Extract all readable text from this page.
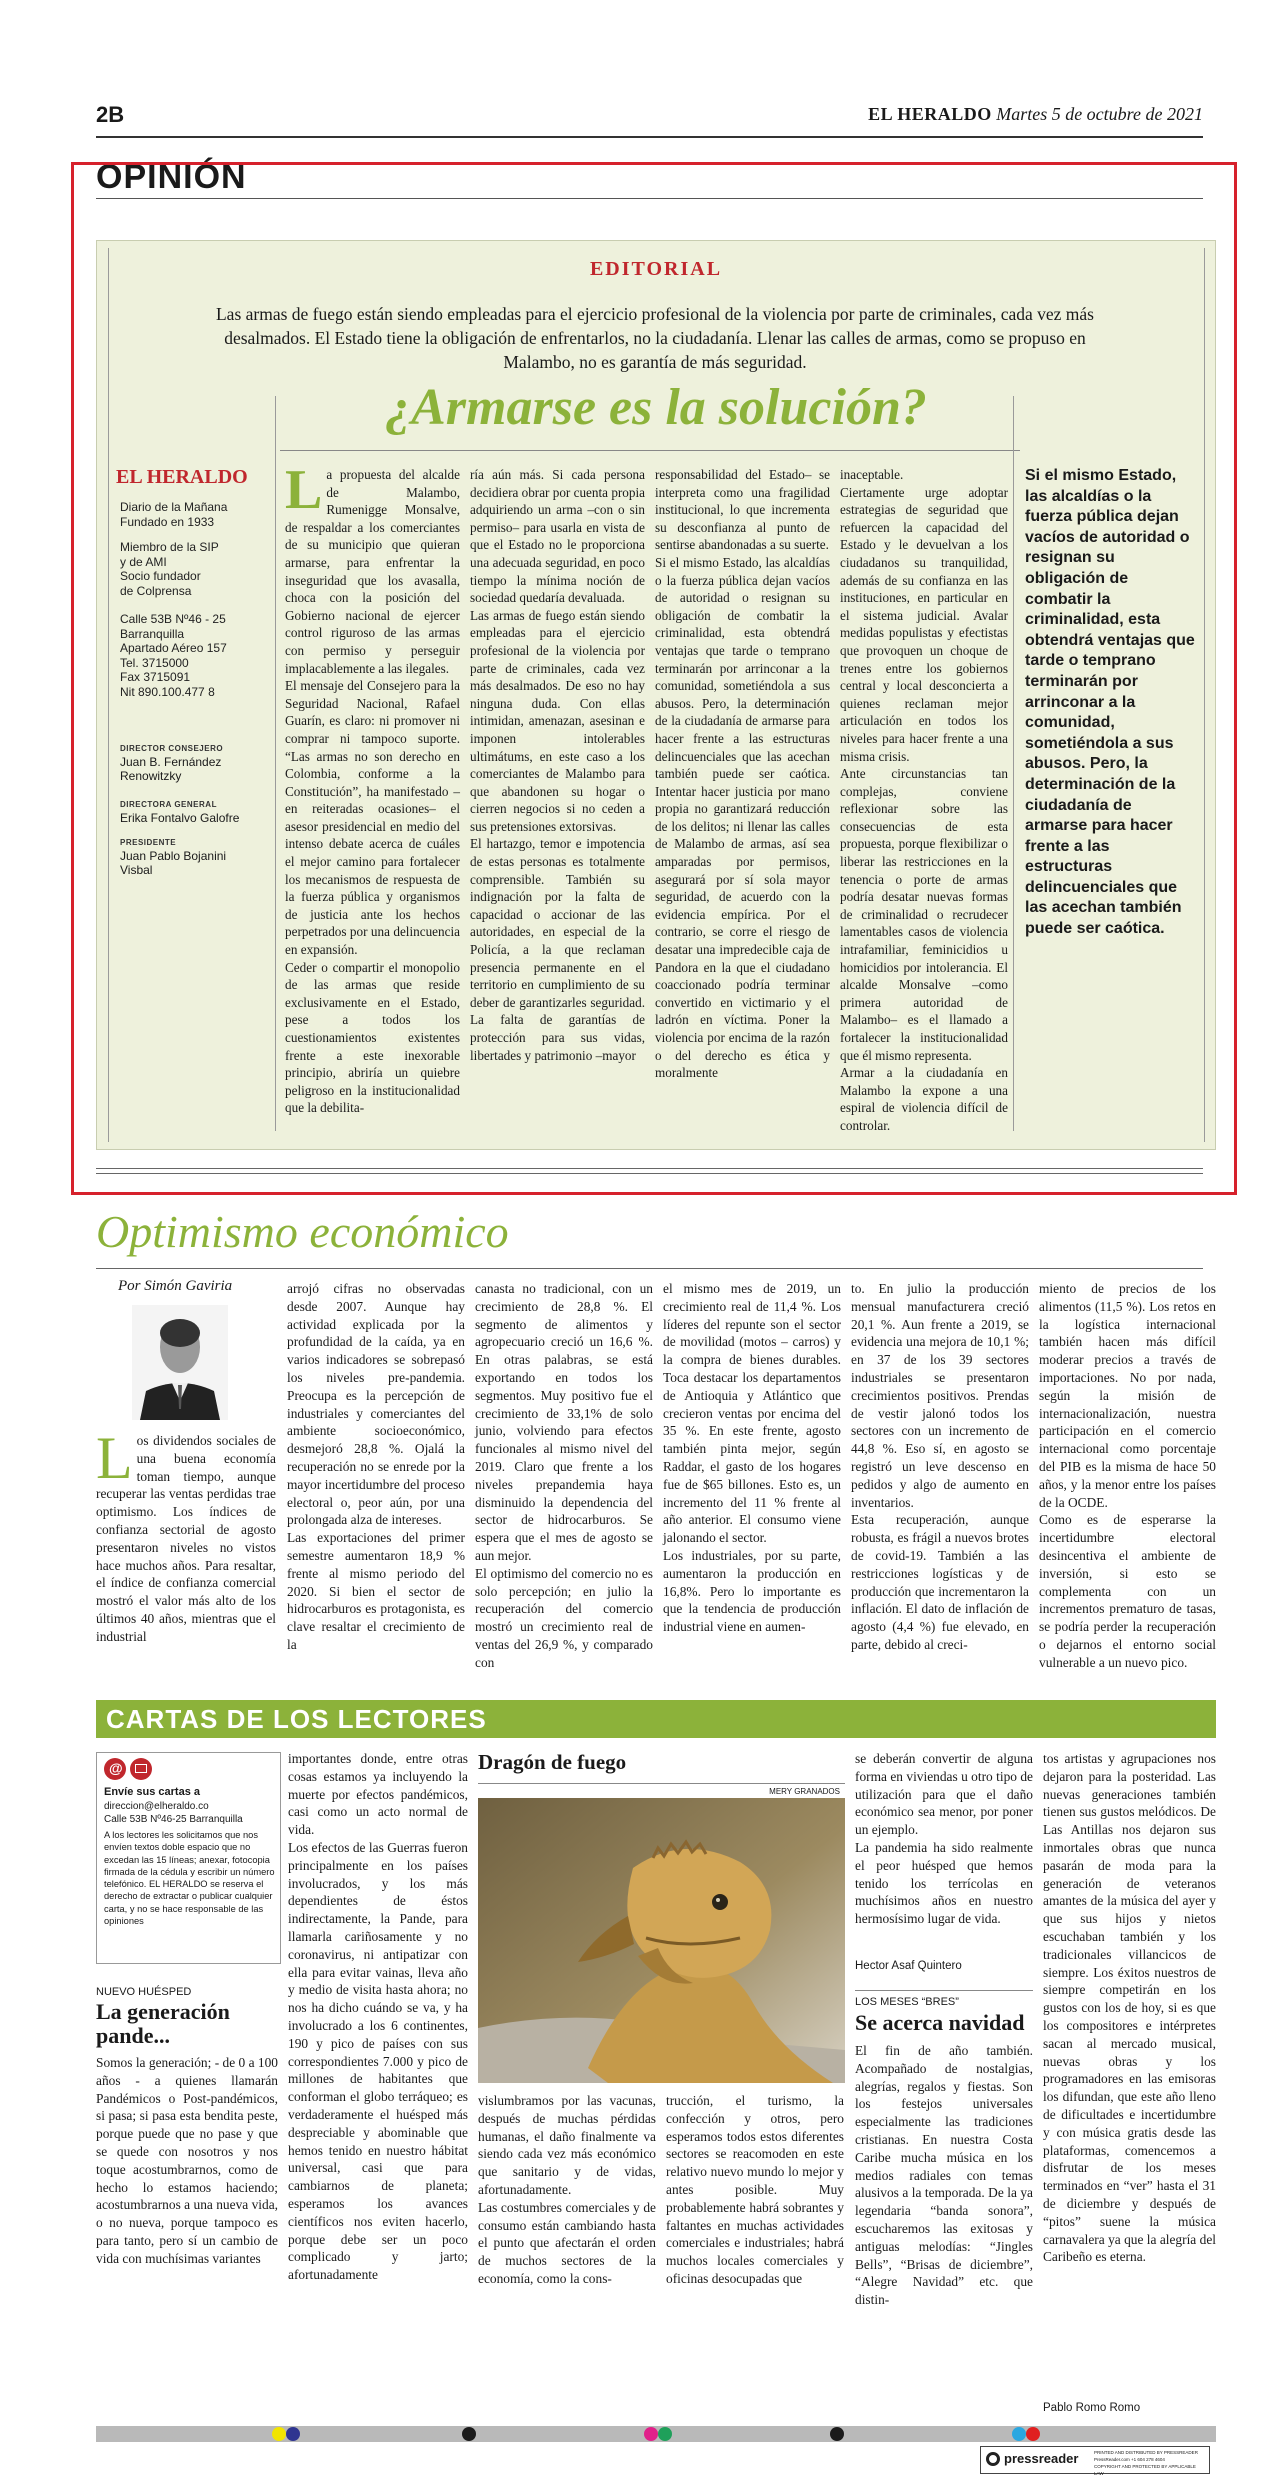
2B	EL HERALDO Martes 5 de octubre de 2021
OPINIÓN
EDITORIAL
Las armas de fuego están siendo empleadas para el ejercicio profesional de la violencia por parte de criminales, cada vez más desalmados. El Estado tiene la obligación de enfrentarlos, no la ciudadanía. Llenar las calles de armas, como se propuso en Malambo, no es garantía de más seguridad.
¿Armarse es la solución?
EL HERALDO
Diario de la Mañana
Fundado en 1933
Miembro de la SIP
y de AMI
Socio fundador
de Colprensa
Calle 53B Nº46 - 25
Barranquilla
Apartado Aéreo 157
Tel. 3715000
Fax 3715091
Nit 890.100.477 8
DIRECTOR CONSEJERO
Juan B. Fernández
Renowitzky
DIRECTORA GENERAL
Erika Fontalvo Galofre
PRESIDENTE
Juan Pablo Bojanini
Visbal
La propuesta del alcalde de Malambo, Rumenigge Monsalve, de respaldar a los comerciantes de su municipio que quieran armarse, para enfrentar la inseguridad que los avasalla, choca con la posición del Gobierno nacional de ejercer control riguroso de las armas con permiso y perseguir implacablemente a las ilegales.
El mensaje del Consejero para la Seguridad Nacional, Rafael Guarín, es claro: ni promover ni comprar ni tampoco suporte. “Las armas no son derecho en Colombia, conforme a la Constitución”, ha manifestado –en reiteradas ocasiones– el asesor presidencial en medio del intenso debate acerca de cuáles el mejor camino para fortalecer los mecanismos de respuesta de la fuerza pública y organismos de justicia ante los hechos perpetrados por una delincuencia en expansión.
Ceder o compartir el monopolio de las armas que reside exclusivamente en el Estado, pese a todos los cuestionamientos existentes frente a este inexorable principio, abriría un quiebre peligroso en la institucionalidad que la debilita-
ría aún más. Si cada persona decidiera obrar por cuenta propia adquiriendo un arma –con o sin permiso– para usarla en vista de que el Estado no le proporciona una adecuada seguridad, en poco tiempo la mínima noción de sociedad quedaría devaluada.
Las armas de fuego están siendo empleadas para el ejercicio profesional de la violencia por parte de criminales, cada vez más desalmados. De eso no hay ninguna duda. Con ellas intimidan, amenazan, asesinan e imponen intolerables ultimátums, en este caso a los comerciantes de Malambo para que abandonen su hogar o cierren negocios si no ceden a sus pretensiones extorsivas.
El hartazgo, temor e impotencia de estas personas es totalmente comprensible. También su indignación por la falta de capacidad o accionar de las autoridades, en especial de la Policía, a la que reclaman presencia permanente en el territorio en cumplimiento de su deber de garantizarles seguridad. La falta de garantías de protección para sus vidas, libertades y patrimonio –mayor
responsabilidad del Estado– se interpreta como una fragilidad institucional, lo que incrementa su desconfianza al punto de sentirse abandonadas a su suerte.
Si el mismo Estado, las alcaldías o la fuerza pública dejan vacíos de autoridad o resignan su obligación de combatir la criminalidad, esta obtendrá ventajas que tarde o temprano terminarán por arrinconar a la comunidad, sometiéndola a sus abusos. Pero, la determinación de la ciudadanía de armarse para hacer frente a las estructuras delincuenciales que las acechan también puede ser caótica. Intentar hacer justicia por mano propia no garantizará reducción de los delitos; ni llenar las calles de Malambo de armas, así sea amparadas por permisos, asegurará por sí sola mayor seguridad, de acuerdo con la evidencia empírica. Por el contrario, se corre el riesgo de desatar una impredecible caja de Pandora en la que el ciudadano coaccionado podría terminar convertido en victimario y el ladrón en víctima. Poner la violencia por encima de la razón o del derecho es ética y moralmente
inaceptable.
Ciertamente urge adoptar estrategias de seguridad que refuercen la capacidad del Estado y le devuelvan a los ciudadanos su tranquilidad, además de su confianza en las instituciones, en particular en el sistema judicial. Avalar medidas populistas y efectistas que provoquen un choque de trenes entre los gobiernos central y local desconcierta a quienes reclaman mejor articulación en todos los niveles para hacer frente a una misma crisis.
Ante circunstancias tan complejas, conviene reflexionar sobre las consecuencias de esta propuesta, porque flexibilizar o liberar las restricciones en la tenencia o porte de armas podría desatar nuevas formas de criminalidad o recrudecer lamentables casos de violencia intrafamiliar, feminicidios u homicidios por intolerancia. El alcalde Monsalve –como primera autoridad de Malambo– es el llamado a fortalecer la institucionalidad que él mismo representa.
Armar a la ciudadanía en Malambo la expone a una espiral de violencia difícil de controlar.
Si el mismo Estado, las alcaldías o la fuerza pública dejan vacíos de autoridad o resignan su obligación de combatir la criminalidad, esta obtendrá ventajas que tarde o temprano terminarán por arrinconar a la comunidad, sometiéndola a sus abusos. Pero, la determinación de la ciudadanía de armarse para hacer frente a las estructuras delincuenciales que las acechan también puede ser caótica.
Optimismo económico
Por Simón Gaviria
Los dividendos sociales de una buena economía toman tiempo, aunque recuperar las ventas perdidas trae optimismo. Los índices de confianza sectorial de agosto presentaron niveles no vistos hace muchos años. Para resaltar, el índice de confianza comercial mostró el valor más alto de los últimos 40 años, mientras que el industrial
arrojó cifras no observadas desde 2007. Aunque hay actividad explicada por la profundidad de la caída, ya en varios indicadores se sobrepasó los niveles pre-pandemia. Preocupa es la percepción de industriales y comerciantes del ambiente socioeconómico, desmejoró 28,8 %. Ojalá la recuperación no se enrede por la mayor incertidumbre del proceso electoral o, peor aún, por una prolongada alza de intereses.
Las exportaciones del primer semestre aumentaron 18,9 % frente al mismo periodo del 2020. Si bien el sector de hidrocarburos es protagonista, es clave resaltar el crecimiento de la
canasta no tradicional, con un crecimiento de 28,8 %. El segmento de alimentos y agropecuario creció un 16,6 %. En otras palabras, se está exportando en todos los segmentos. Muy positivo fue el crecimiento de 33,1% de solo junio, volviendo para efectos funcionales al mismo nivel del 2019. Claro que frente a los niveles prepandemia haya disminuido la dependencia del sector de hidrocarburos. Se espera que el mes de agosto se aun mejor.
El optimismo del comercio no es solo percepción; en julio la recuperación del comercio mostró un crecimiento real de ventas del 26,9 %, y comparado con
el mismo mes de 2019, un crecimiento real de 11,4 %. Los líderes del repunte son el sector de movilidad (motos – carros) y la compra de bienes durables. Toca destacar los departamentos de Antioquia y Atlántico que crecieron ventas por encima del 35 %. En este frente, agosto también pinta mejor, según Raddar, el gasto de los hogares fue de $65 billones. Esto es, un incremento del 11 % frente al año anterior. El consumo viene jalonando el sector.
Los industriales, por su parte, aumentaron la producción en 16,8%. Pero lo importante es que la tendencia de producción industrial viene en aumen-
to. En julio la producción mensual manufacturera creció 20,1 %. Aun frente a 2019, se evidencia una mejora de 10,1 %; en 37 de los 39 sectores industriales se presentaron crecimientos positivos. Prendas de vestir jalonó todos los sectores con un incremento de 44,8 %. Eso sí, en agosto se registró un leve descenso en pedidos y algo de aumento en inventarios.
Esta recuperación, aunque robusta, es frágil a nuevos brotes de covid-19. También a las restricciones logísticas y de producción que incrementaron la inflación. El dato de inflación de agosto (4,4 %) fue elevado, en parte, debido al creci-
miento de precios de los alimentos (11,5 %). Los retos en la logística internacional también hacen más difícil moderar precios a través de importaciones. No por nada, según la misión de internacionalización, nuestra participación en el comercio internacional como porcentaje del PIB es la misma de hace 50 años, y la menor entre los países de la OCDE.
Como es de esperarse la incertidumbre electoral desincentiva el ambiente de inversión, si esto se complementa con un incrementos prematuro de tasas, se podría perder la recuperación o dejarnos el entorno social vulnerable a un nuevo pico.
CARTAS DE LOS LECTORES
@
Envíe sus cartas a
direccion@elheraldo.co
Calle 53B Nº46-25 Barranquilla
A los lectores les solicitamos que nos envíen textos doble espacio que no excedan las 15 líneas; anexar, fotocopia firmada de la cédula y escribir un número telefónico. EL HERALDO se reserva el derecho de extractar o publicar cualquier carta, y no se hace responsable de las opiniones
NUEVO HUÉSPED
La generación pande...
Somos la generación; - de 0 a 100 años - a quienes llamarán Pandémicos o Post-pandémicos, si pasa; si pasa esta bendita peste, porque puede que no pase y que se quede con nosotros y nos toque acostumbrarnos, como de hecho lo estamos haciendo; acostumbrarnos a una nueva vida, o no nueva, porque tampoco es para tanto, pero sí un cambio de vida con muchísimas variantes
importantes donde, entre otras cosas estamos ya incluyendo la muerte por efectos pandémicos, casi como un acto normal de vida.
Los efectos de las Guerras fueron principalmente en los países involucrados, y los más dependientes de éstos indirectamente, la Pande, para llamarla cariñosamente y no coronavirus, ni antipatizar con ella para evitar vainas, lleva año y medio de visita hasta ahora; no nos ha dicho cuándo se va, y ha involucrado a los 6 continentes, 190 y pico de países con sus correspondientes 7.000 y pico de millones de habitantes que conforman el globo terráqueo; es verdaderamente el huésped más despreciable y abominable que hemos tenido en nuestro hábitat universal, casi que para cambiarnos de planeta; esperamos los avances científicos nos eviten hacerlo, porque debe ser un poco complicado y jarto; afortunadamente
Dragón de fuego
MERY GRANADOS
vislumbramos por las vacunas, después de muchas pérdidas humanas, el daño finalmente va siendo cada vez más económico que sanitario y de vidas, afortunadamente.
Las costumbres comerciales y de consumo están cambiando hasta el punto que afectarán el orden de muchos sectores de la economía, como la cons-
trucción, el turismo, la confección y otros, pero esperamos todos estos diferentes sectores se reacomoden en este relativo nuevo mundo lo mejor y antes posible. Muy probablemente habrá sobrantes y faltantes en muchas actividades comerciales e industriales; habrá muchos locales comerciales y oficinas desocupadas que
se deberán convertir de alguna forma en viviendas u otro tipo de utilización para que el daño económico sea menor, por poner un ejemplo.
La pandemia ha sido realmente el peor huésped que hemos tenido los terrícolas en muchísimos años en nuestro hermosísimo lugar de vida.
Hector Asaf Quintero
LOS MESES “BRES”
Se acerca navidad
El fin de año también. Acompañado de nostalgias, alegrías, regalos y fiestas. Son los festejos universales especialmente las tradiciones cristianas. En nuestra Costa Caribe mucha música en los medios radiales con temas alusivos a la temporada. De la ya legendaria “banda sonora”, escucharemos las exitosas y antiguas melodías: “Jingles Bells”, “Brisas de diciembre”, “Alegre Navidad” etc. que distin-
tos artistas y agrupaciones nos dejaron para la posteridad. Las nuevas generaciones también tienen sus gustos melódicos. De Las Antillas nos dejaron sus inmortales obras que nunca pasarán de moda para la generación de veteranos amantes de la música del ayer y que sus hijos y nietos escuchaban también y los tradicionales villancicos de siempre. Los éxitos nuestros de siempre competirán en los gustos con los de hoy, si es que los compositores e intérpretes sacan al mercado musical, nuevas obras y los programadores en las emisoras los difundan, que este año lleno de dificultades e incertidumbre y con música gratis desde las plataformas, comencemos a disfrutar de los meses terminados en “ver” hasta el 31 de diciembre y después de “pitos” suene la música carnavalera ya que la alegría del Caribeño es eterna.
Pablo Romo Romo
pressreader	PRINTED AND DISTRIBUTED BY PRESSREADER
PressReader.com +1 604 278 4604
COPYRIGHT AND PROTECTED BY APPLICABLE LAW
